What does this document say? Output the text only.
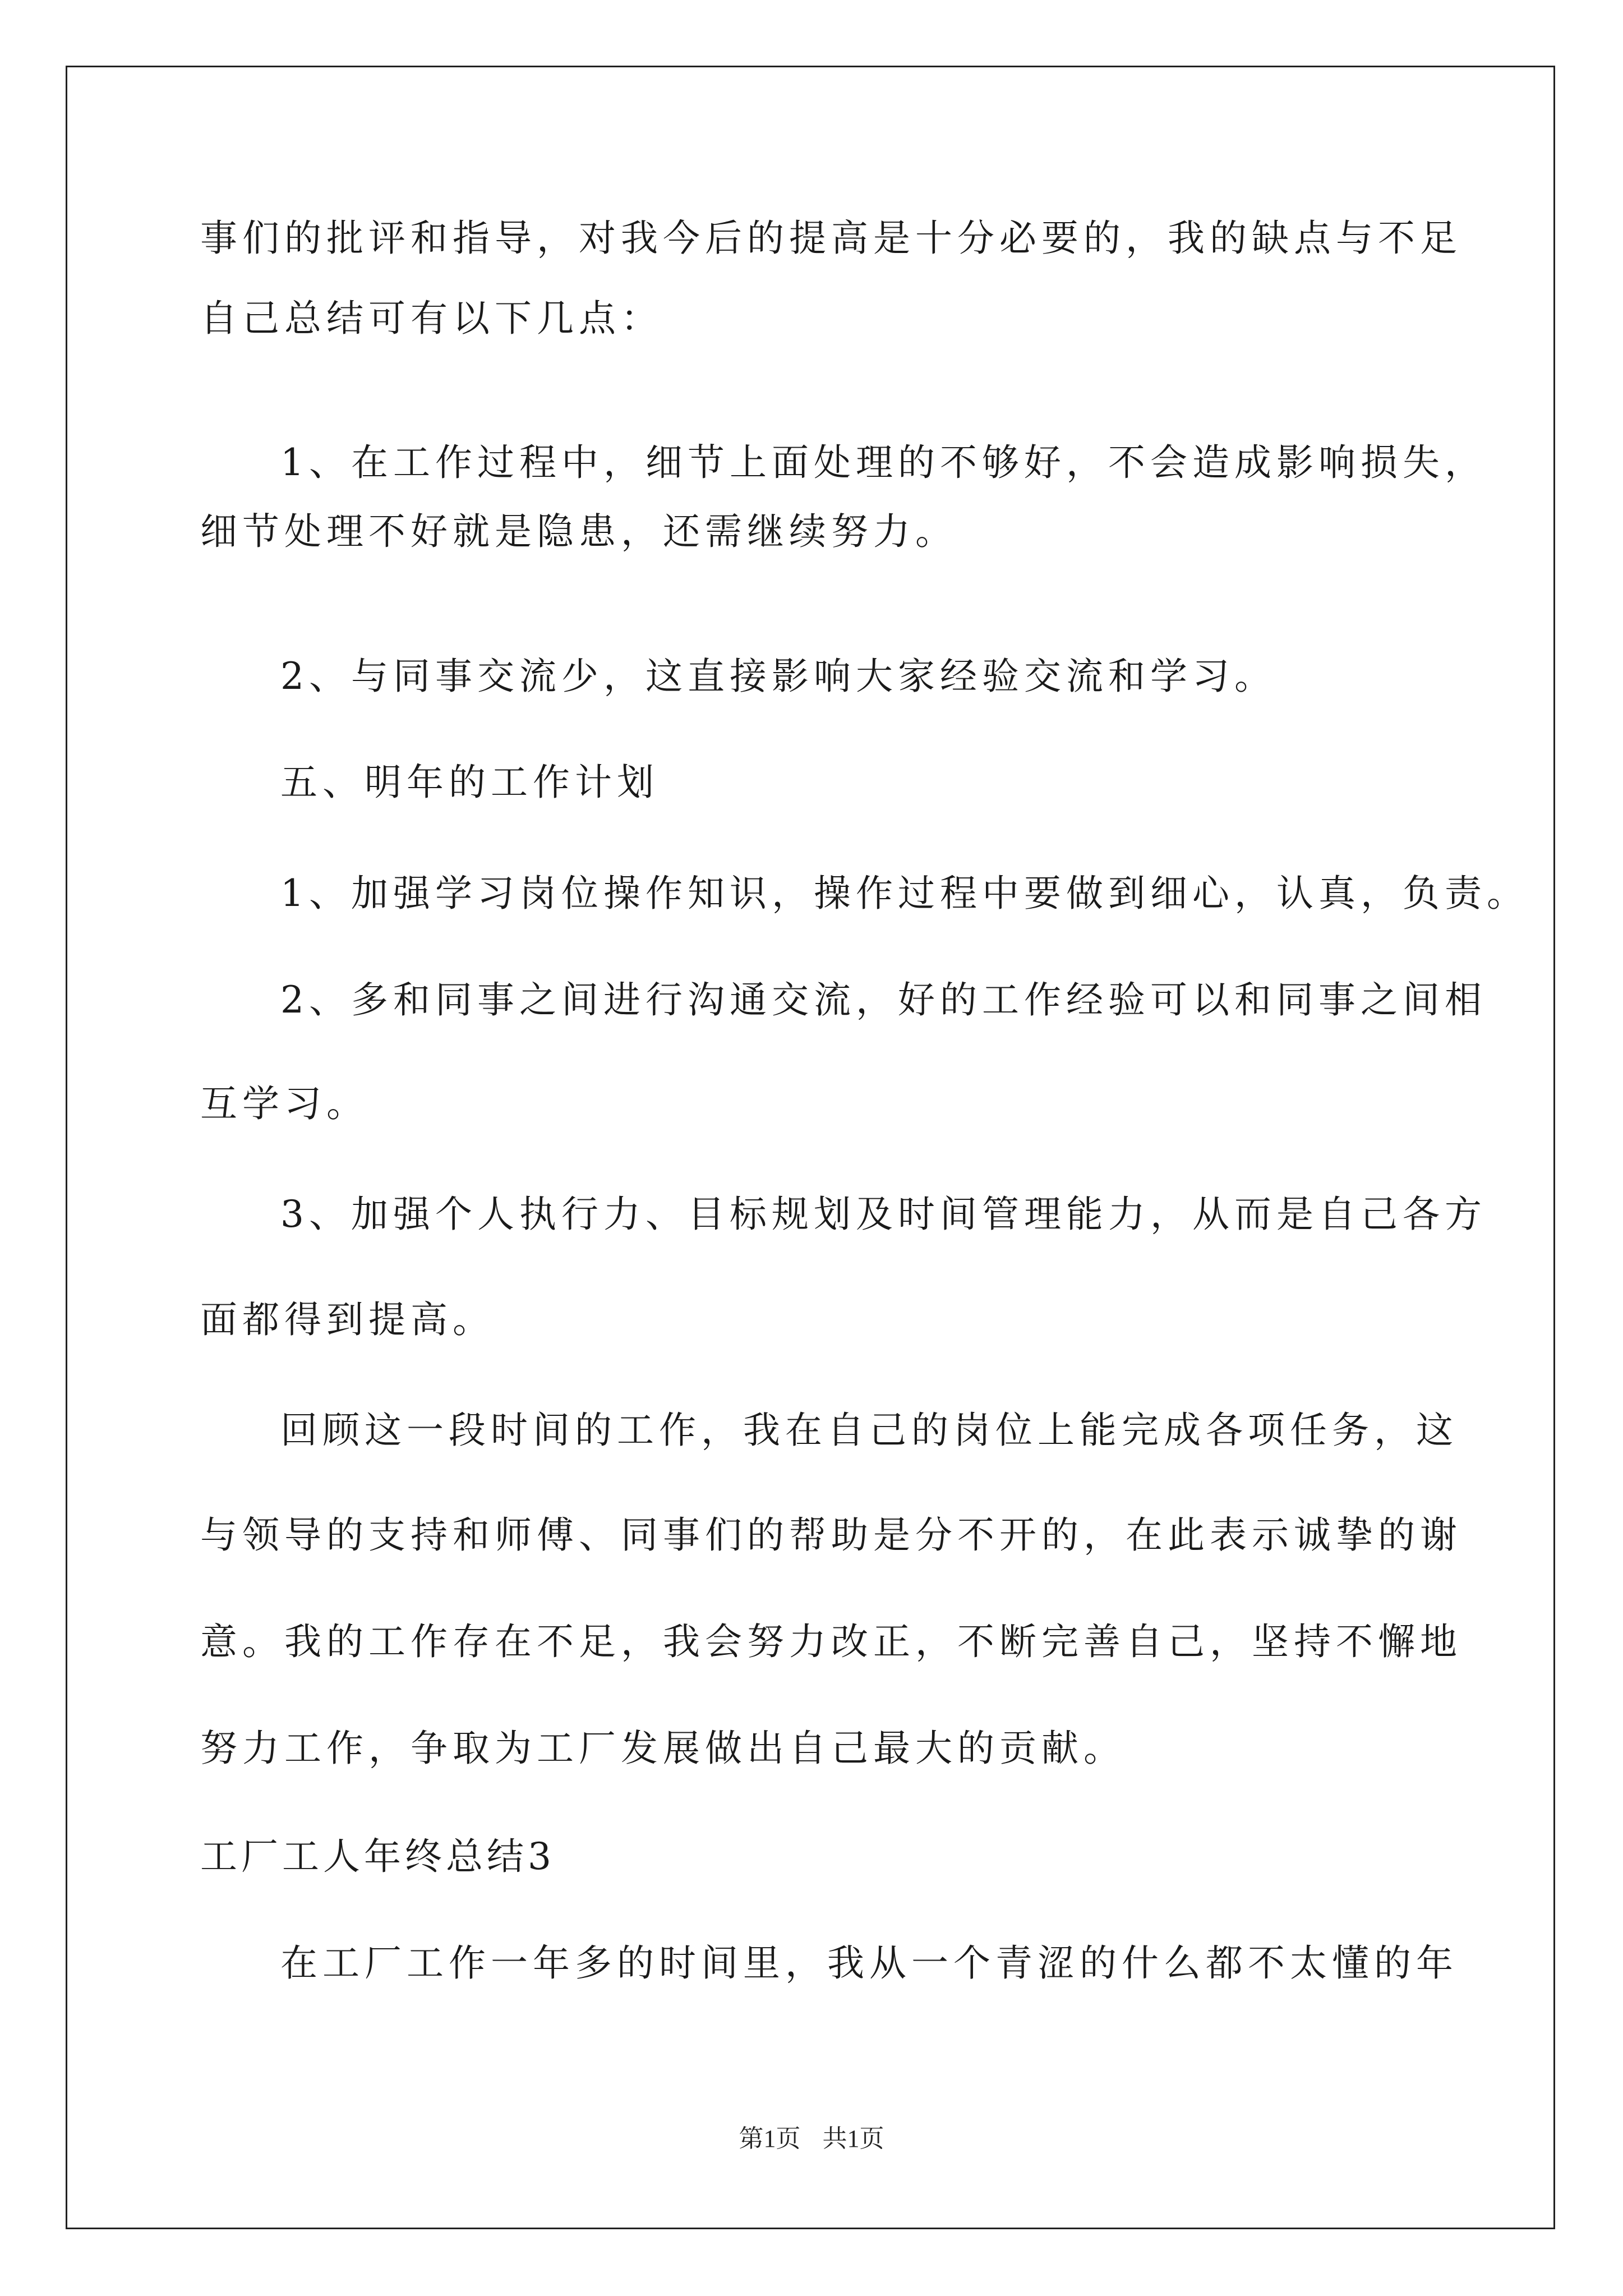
事们的批评和指导，对我今后的提高是十分必要的，我的缺点与不足
自己总结可有以下几点：
1、在工作过程中，细节上面处理的不够好，不会造成影响损失，
细节处理不好就是隐患，还需继续努力。
2、与同事交流少，这直接影响大家经验交流和学习。
五、明年的工作计划
1、加强学习岗位操作知识，操作过程中要做到细心，认真，负责。
2、多和同事之间进行沟通交流，好的工作经验可以和同事之间相
互学习。
3、加强个人执行力、目标规划及时间管理能力，从而是自己各方
面都得到提高。
回顾这一段时间的工作，我在自己的岗位上能完成各项任务，这
与领导的支持和师傅、同事们的帮助是分不开的，在此表示诚挚的谢
意。我的工作存在不足，我会努力改正，不断完善自己，坚持不懈地
努力工作，争取为工厂发展做出自己最大的贡献。
工厂工人年终总结3
在工厂工作一年多的时间里，我从一个青涩的什么都不太懂的年
第1页 共1页
